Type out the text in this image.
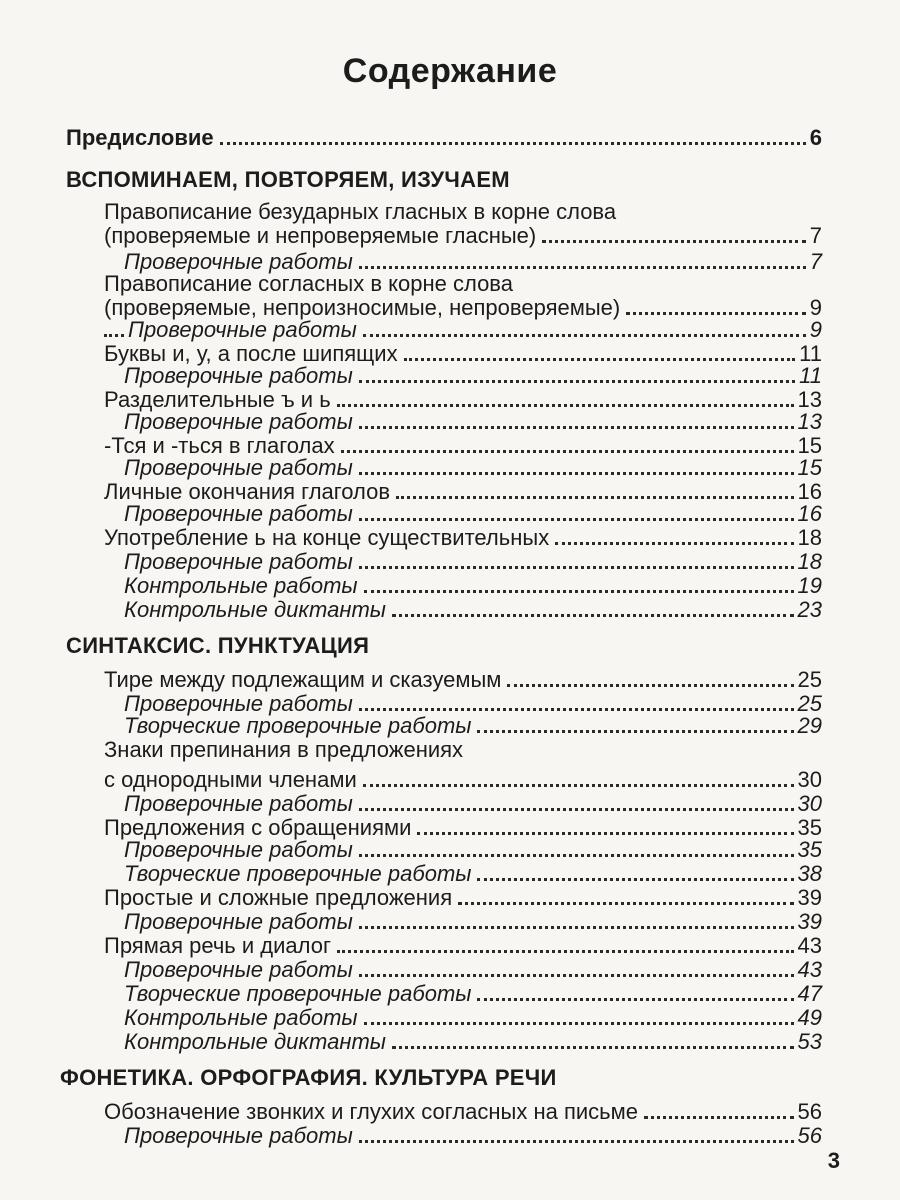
Содержание
Предисловие	6
ВСПОМИНАЕМ, ПОВТОРЯЕМ, ИЗУЧАЕМ
Правописание безударных гласных в корне слова
(проверяемые и непроверяемые гласные)	7
Проверочные работы	7
Правописание согласных в корне слова
(проверяемые, непроизносимые, непроверяемые)	9
Проверочные работы	9
Буквы и, у, а после шипящих	11
Проверочные работы	11
Разделительные ъ и ь	13
Проверочные работы	13
-Тся и -ться в глаголах	15
Проверочные работы	15
Личные окончания глаголов	16
Проверочные работы	16
Употребление ь на конце существительных	18
Проверочные работы	18
Контрольные работы	19
Контрольные диктанты	23
СИНТАКСИС. ПУНКТУАЦИЯ
Тире между подлежащим и сказуемым	25
Проверочные работы	25
Творческие проверочные работы	29
Знаки препинания в предложениях
с однородными членами	30
Проверочные работы	30
Предложения с обращениями	35
Проверочные работы	35
Творческие проверочные работы	38
Простые и сложные предложения	39
Проверочные работы	39
Прямая речь и диалог	43
Проверочные работы	43
Творческие проверочные работы	47
Контрольные работы	49
Контрольные диктанты	53
ФОНЕТИКА. ОРФОГРАФИЯ. КУЛЬТУРА РЕЧИ
Обозначение звонких и глухих согласных на письме	56
Проверочные работы	56
3
